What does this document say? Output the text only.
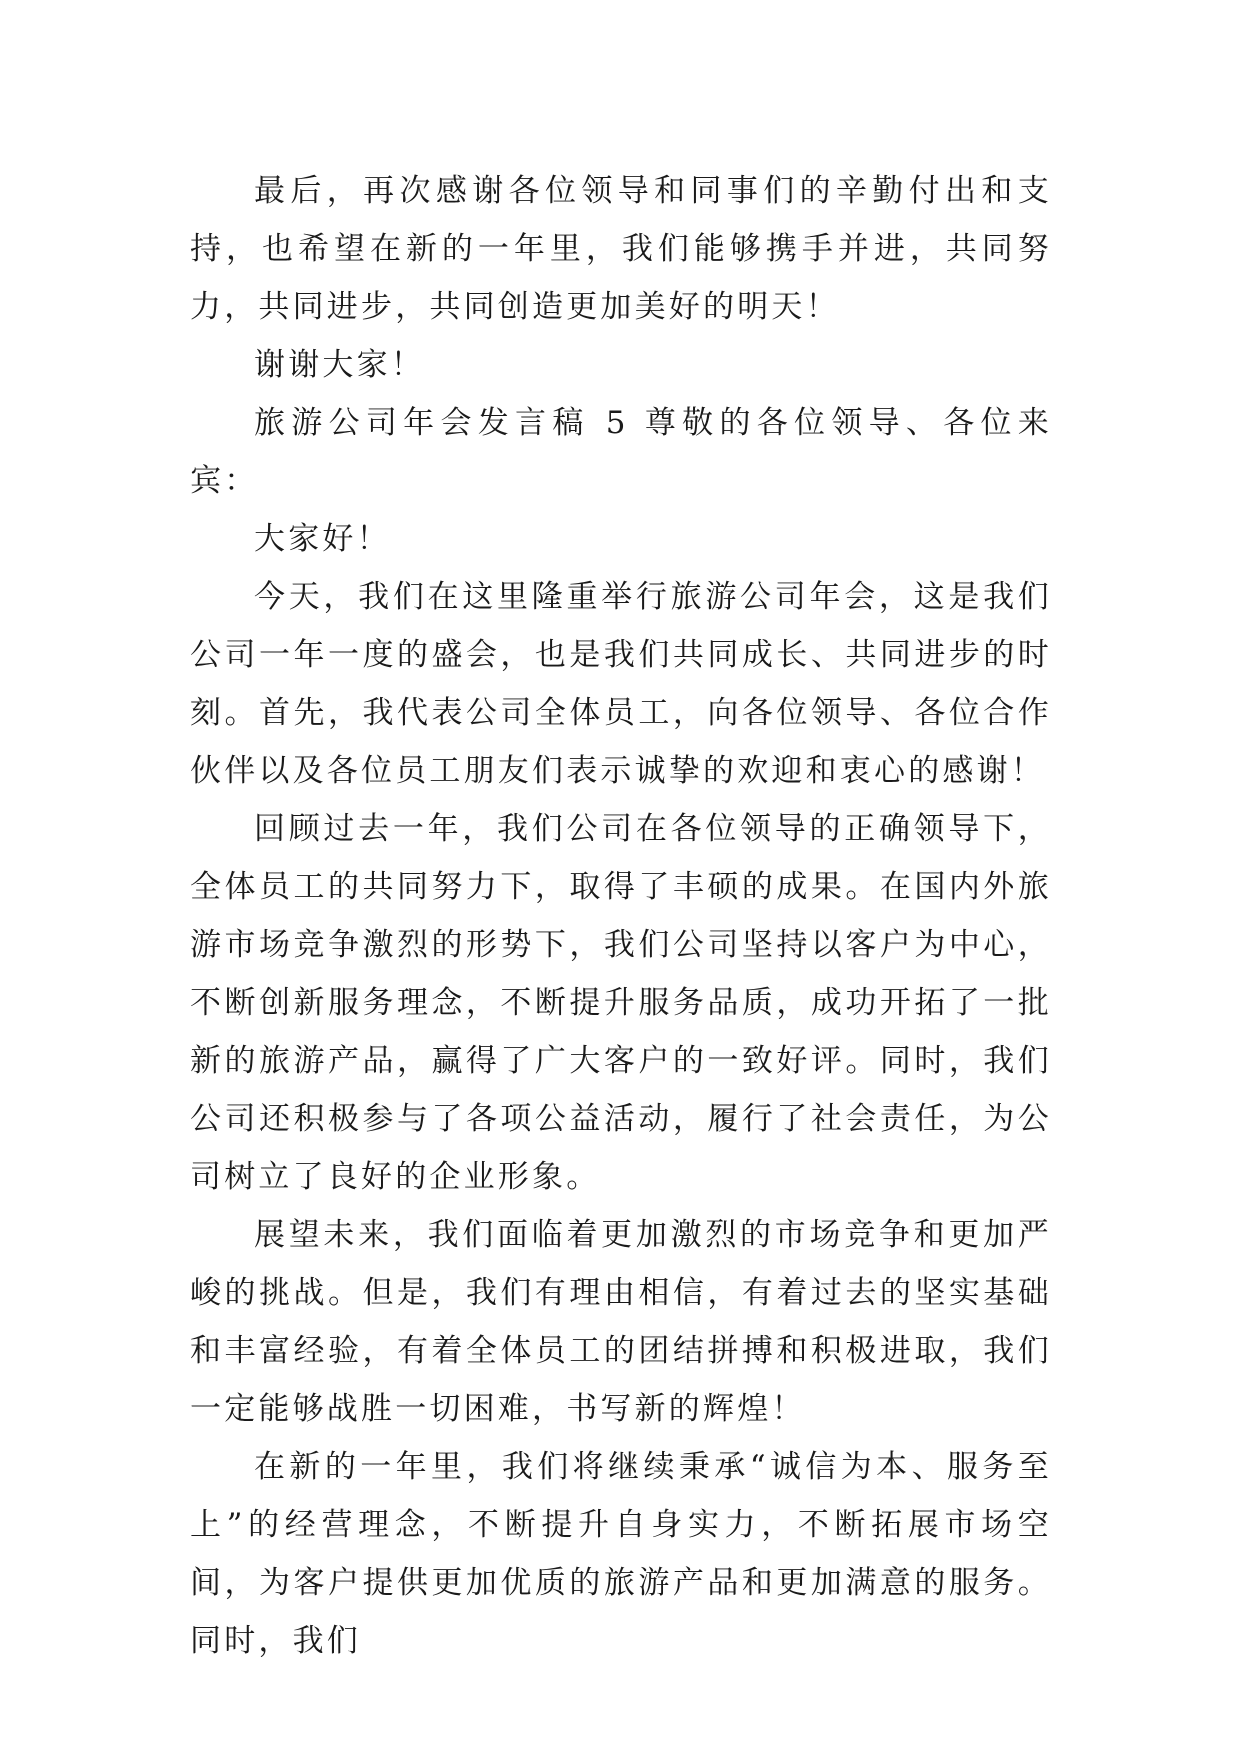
最后，再次感谢各位领导和同事们的辛勤付出和支持，也希望在新的一年里，我们能够携手并进，共同努力，共同进步，共同创造更加美好的明天！

谢谢大家！

旅游公司年会发言稿 5 尊敬的各位领导、各位来宾：

大家好！

今天，我们在这里隆重举行旅游公司年会，这是我们公司一年一度的盛会，也是我们共同成长、共同进步的时刻。首先，我代表公司全体员工，向各位领导、各位合作伙伴以及各位员工朋友们表示诚挚的欢迎和衷心的感谢！

回顾过去一年，我们公司在各位领导的正确领导下，全体员工的共同努力下，取得了丰硕的成果。在国内外旅游市场竞争激烈的形势下，我们公司坚持以客户为中心，不断创新服务理念，不断提升服务品质，成功开拓了一批新的旅游产品，赢得了广大客户的一致好评。同时，我们公司还积极参与了各项公益活动，履行了社会责任，为公司树立了良好的企业形象。

展望未来，我们面临着更加激烈的市场竞争和更加严峻的挑战。但是，我们有理由相信，有着过去的坚实基础和丰富经验，有着全体员工的团结拼搏和积极进取，我们一定能够战胜一切困难，书写新的辉煌！

在新的一年里，我们将继续秉承“诚信为本、服务至上”的经营理念，不断提升自身实力，不断拓展市场空间，为客户提供更加优质的旅游产品和更加满意的服务。同时，我们
